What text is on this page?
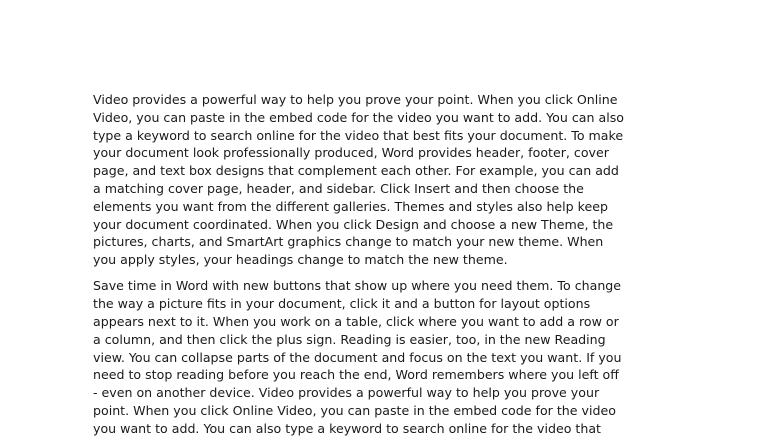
Video provides a powerful way to help you prove your point. When you click Online
Video, you can paste in the embed code for the video you want to add. You can also
type a keyword to search online for the video that best fits your document. To make
your document look professionally produced, Word provides header, footer, cover
page, and text box designs that complement each other. For example, you can add
a matching cover page, header, and sidebar. Click Insert and then choose the
elements you want from the different galleries. Themes and styles also help keep
your document coordinated. When you click Design and choose a new Theme, the
pictures, charts, and SmartArt graphics change to match your new theme. When
you apply styles, your headings change to match the new theme.
Save time in Word with new buttons that show up where you need them. To change
the way a picture fits in your document, click it and a button for layout options
appears next to it. When you work on a table, click where you want to add a row or
a column, and then click the plus sign. Reading is easier, too, in the new Reading
view. You can collapse parts of the document and focus on the text you want. If you
need to stop reading before you reach the end, Word remembers where you left off
- even on another device. Video provides a powerful way to help you prove your
point. When you click Online Video, you can paste in the embed code for the video
you want to add. You can also type a keyword to search online for the video that
